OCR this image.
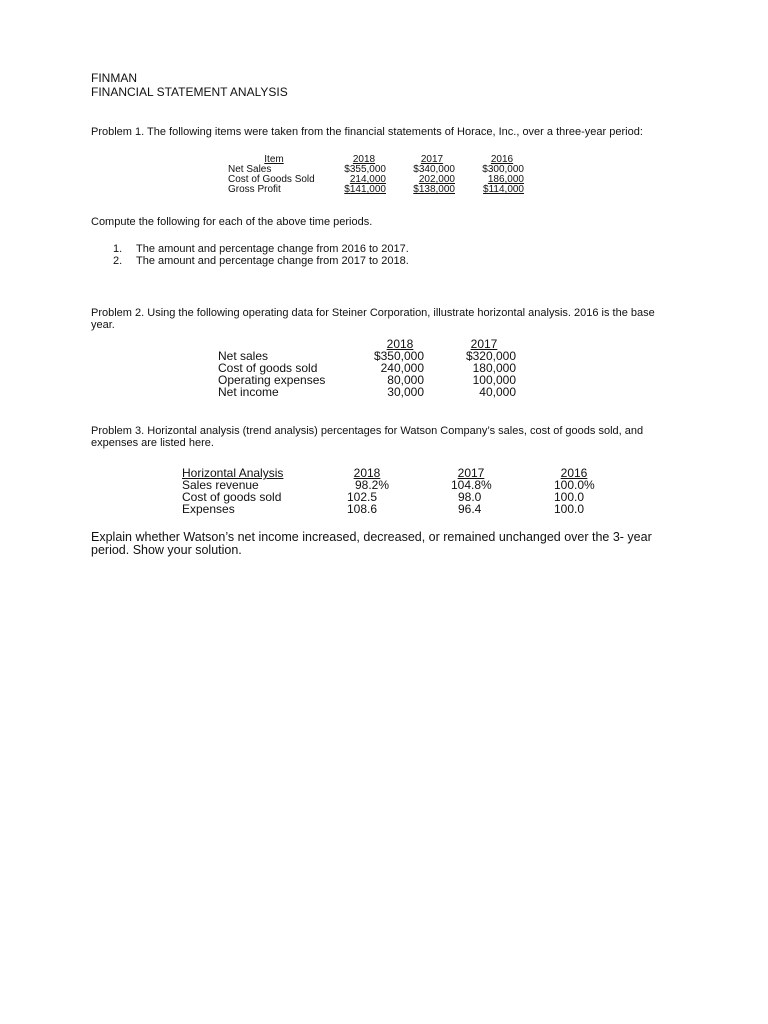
FINMAN
FINANCIAL STATEMENT ANALYSIS
Problem 1. The following items were taken from the financial statements of Horace, Inc., over a three-year period:
Item	2018	2017	2016
Net Sales	$355,000	$340,000	$300,000
Cost of Goods Sold	214,000	202,000	186,000
Gross Profit	$141,000	$138,000	$114,000
Compute the following for each of the above time periods.
1. The amount and percentage change from 2016 to 2017.
2. The amount and percentage change from 2017 to 2018.
Problem 2. Using the following operating data for Steiner Corporation, illustrate horizontal analysis. 2016 is the base year.
2018	2017
Net sales	$350,000	$320,000
Cost of goods sold	240,000	180,000
Operating expenses	80,000	100,000
Net income	30,000	40,000
Problem 3. Horizontal analysis (trend analysis) percentages for Watson Company’s sales, cost of goods sold, and expenses are listed here.
Horizontal Analysis	2018	2017	2016
Sales revenue	98.2%	104.8%	100.0%
Cost of goods sold	102.5	98.0	100.0
Expenses	108.6	96.4	100.0
Explain whether Watson’s net income increased, decreased, or remained unchanged over the 3- year period. Show your solution.
